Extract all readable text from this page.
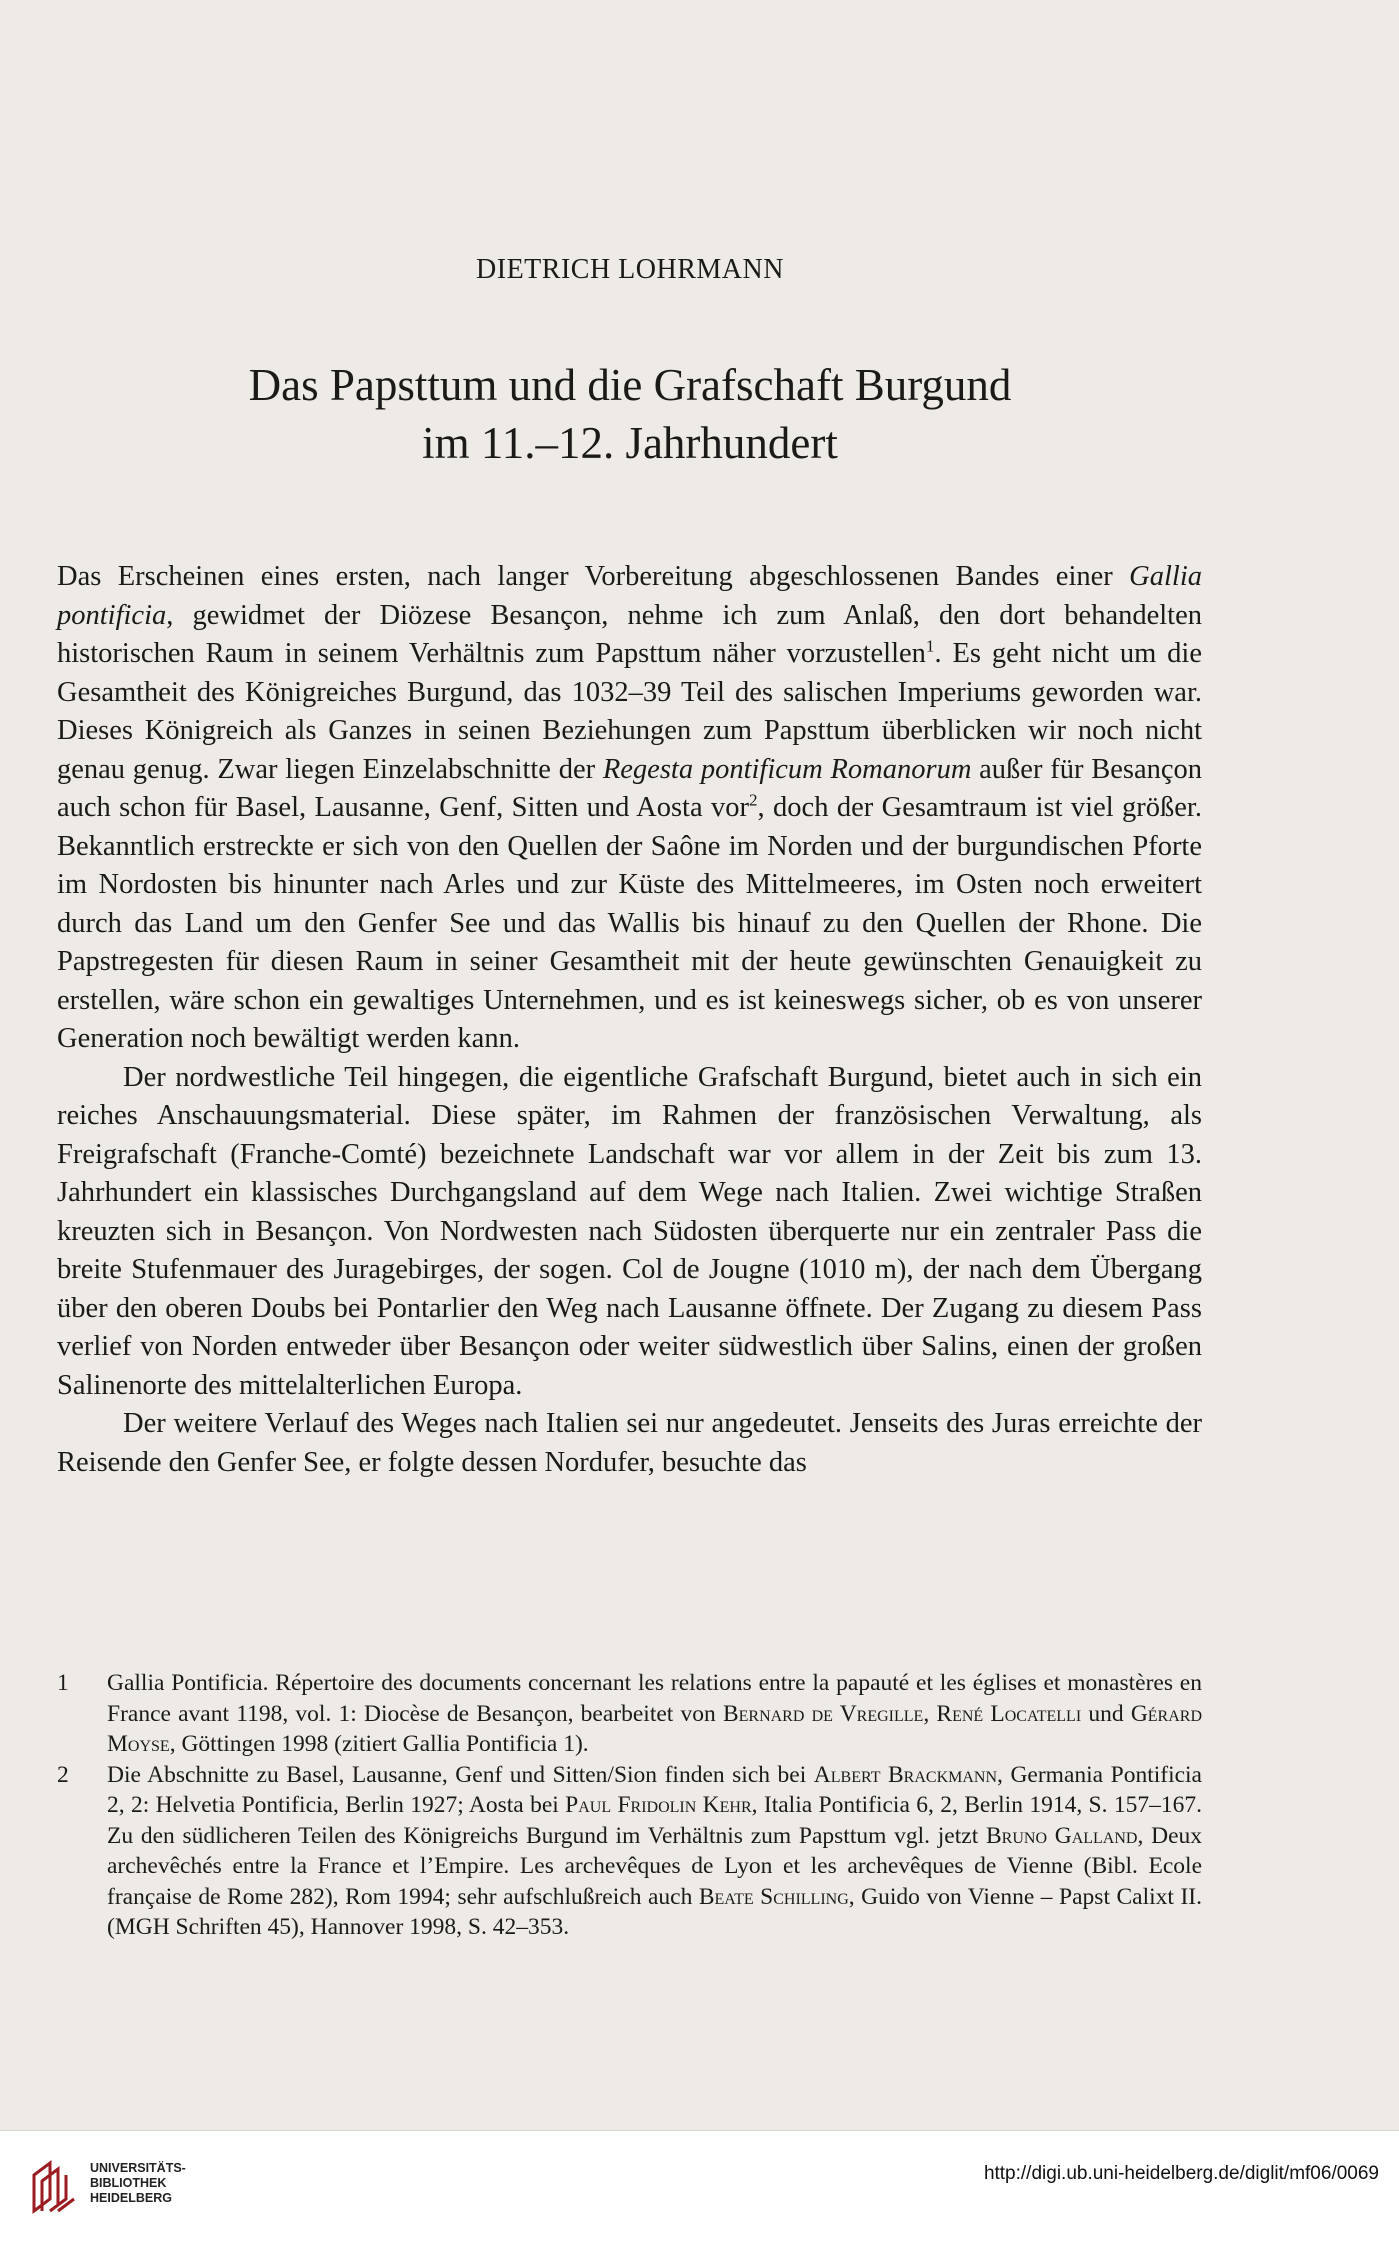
DIETRICH LOHRMANN
Das Papsttum und die Grafschaft Burgund
im 11.–12. Jahrhundert

Das Erscheinen eines ersten, nach langer Vorbereitung abgeschlossenen Bandes einer Gallia pontificia, gewidmet der Diözese Besançon, nehme ich zum Anlaß, den dort behandelten historischen Raum in seinem Verhältnis zum Papsttum näher vorzustellen$^1$. Es geht nicht um die Gesamtheit des Königreiches Burgund, das 1032–39 Teil des salischen Imperiums geworden war. Dieses Königreich als Ganzes in seinen Beziehungen zum Papsttum überblicken wir noch nicht genau genug. Zwar liegen Einzelabschnitte der Regesta pontificum Romanorum außer für Besançon auch schon für Basel, Lausanne, Genf, Sitten und Aosta vor$^2$, doch der Gesamtraum ist viel größer. Bekanntlich erstreckte er sich von den Quellen der Saône im Norden und der burgundischen Pforte im Nordosten bis hinunter nach Arles und zur Küste des Mittelmeeres, im Osten noch erweitert durch das Land um den Genfer See und das Wallis bis hinauf zu den Quellen der Rhone. Die Papstregesten für diesen Raum in seiner Gesamtheit mit der heute gewünschten Genauigkeit zu erstellen, wäre schon ein gewaltiges Unternehmen, und es ist keineswegs sicher, ob es von unserer Generation noch bewältigt werden kann.

Der nordwestliche Teil hingegen, die eigentliche Grafschaft Burgund, bietet auch in sich ein reiches Anschauungsmaterial. Diese später, im Rahmen der französischen Verwaltung, als Freigrafschaft (Franche-Comté) bezeichnete Landschaft war vor allem in der Zeit bis zum 13. Jahrhundert ein klassisches Durchgangsland auf dem Wege nach Italien. Zwei wichtige Straßen kreuzten sich in Besançon. Von Nordwesten nach Südosten überquerte nur ein zentraler Pass die breite Stufenmauer des Juragebirges, der sogen. Col de Jougne (1010 m), der nach dem Übergang über den oberen Doubs bei Pontarlier den Weg nach Lausanne öffnete. Der Zugang zu diesem Pass verlief von Norden entweder über Besançon oder weiter südwestlich über Salins, einen der großen Salinenorte des mittelalterlichen Europa.

Der weitere Verlauf des Weges nach Italien sei nur angedeutet. Jenseits des Juras erreichte der Reisende den Genfer See, er folgte dessen Nordufer, besuchte das

1	Gallia Pontificia. Répertoire des documents concernant les relations entre la papauté et les églises et monastères en France avant 1198, vol. 1: Diocèse de Besançon, bearbeitet von Bernard de Vregille, René Locatelli und Gérard Moyse, Göttingen 1998 (zitiert Gallia Pontificia 1).
2	Die Abschnitte zu Basel, Lausanne, Genf und Sitten/Sion finden sich bei Albert Brackmann, Germania Pontificia 2, 2: Helvetia Pontificia, Berlin 1927; Aosta bei Paul Fridolin Kehr, Italia Pontificia 6, 2, Berlin 1914, S. 157–167. Zu den südlicheren Teilen des Königreichs Burgund im Verhältnis zum Papsttum vgl. jetzt Bruno Galland, Deux archevêchés entre la France et l’Empire. Les archevêques de Lyon et les archevêques de Vienne (Bibl. Ecole française de Rome 282), Rom 1994; sehr aufschlußreich auch Beate Schilling, Guido von Vienne – Papst Calixt II. (MGH Schriften 45), Hannover 1998, S. 42–353.
UNIVERSITÄTS-
BIBLIOTHEK
HEIDELBERG
http://digi.ub.uni-heidelberg.de/diglit/mf06/0069
